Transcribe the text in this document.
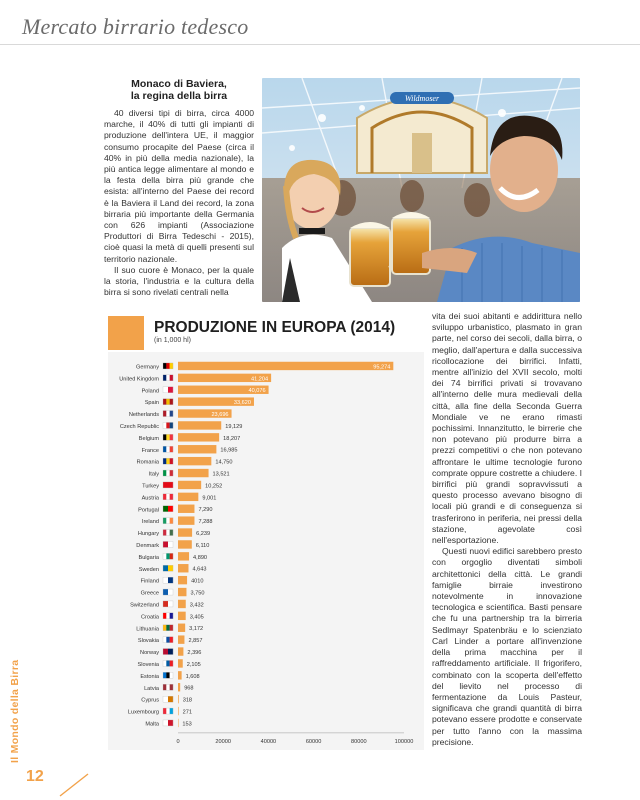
Mercato birrario tedesco
Monaco di Baviera,
la regina della birra

40 diversi tipi di birra, circa 4000 marche, il 40% di tutti gli impianti di produzione dell'intera UE, il maggior consumo procapite del Paese (circa il 40% in più della media nazionale), la più antica legge alimentare al mondo e la festa della birra più grande che esista: all'interno del Paese dei record è la Baviera il Land dei record, la zona birraria più importante della Germania con 626 impianti (Associazione Produttori di Birra Tedeschi - 2015), cioè quasi la metà di quelli presenti sul territorio nazionale.

Il suo cuore è Monaco, per la quale la storia, l'industria e la cultura della birra si sono rivelati centrali nella

Wildmoser
PRODUZIONE IN EUROPA (2014)
(in 1,000 hl)
Germany	95,274
United Kingdom	41,204
Poland	40,076
Spain	33,620
Netherlands	23,696
Czech Republic	19,129
Belgium	18,207
France	16,985
Romania	14,750
Italy	13,521
Turkey	10,252
Austria	9,001
Portugal	7,290
Ireland	7,288
Hungary	6,239
Denmark	6,110
Bulgaria	4,890
Sweden	4,643
Finland	4010
Greece	3,750
Switzerland	3,432
Croatia	3,405
Lithuania	3,172
Slovakia	2,857
Norway	2,396
Slovenia	2,105
Estonia	1,608
Latvia	968
Cyprus	318
Luxembourg	271
Malta	153
0	20000	40000	60000	80000	100000

vita dei suoi abitanti e addirittura nello sviluppo urbanistico, plasmato in gran parte, nel corso dei secoli, dalla birra, o meglio, dall'apertura e dalla successiva ricollocazione dei birrifici. Infatti, mentre all'inizio del XVII secolo, molti dei 74 birrifici privati si trovavano all'interno delle mura medievali della città, alla fine della Seconda Guerra Mondiale ve ne erano rimasti pochissimi. Innanzitutto, le birrerie che non potevano più produrre birra a prezzi competitivi o che non potevano affrontare le ultime tecnologie furono comprate oppure costrette a chiudere. I birrifici più grandi sopravvissuti a questo processo avevano bisogno di locali più grandi e di conseguenza si trasferirono in periferia, nei pressi della stazione, agevolate così nell'esportazione.

Questi nuovi edifici sarebbero presto con orgoglio diventati simboli architettonici della città. Le grandi famiglie birraie investirono notevolmente in innovazione tecnologica e scientifica. Basti pensare che fu una partnership tra la birreria Sedlmayr Spatenbräu e lo scienziato Carl Linder a portare all'invenzione della prima macchina per il raffreddamento artificiale. Il frigorifero, combinato con la scoperta dell'effetto del lievito nel processo di fermentazione da Louis Pasteur, significava che grandi quantità di birra potevano essere prodotte e conservate per tutto l'anno con la massima precisione.

Il Mondo della Birra
12
